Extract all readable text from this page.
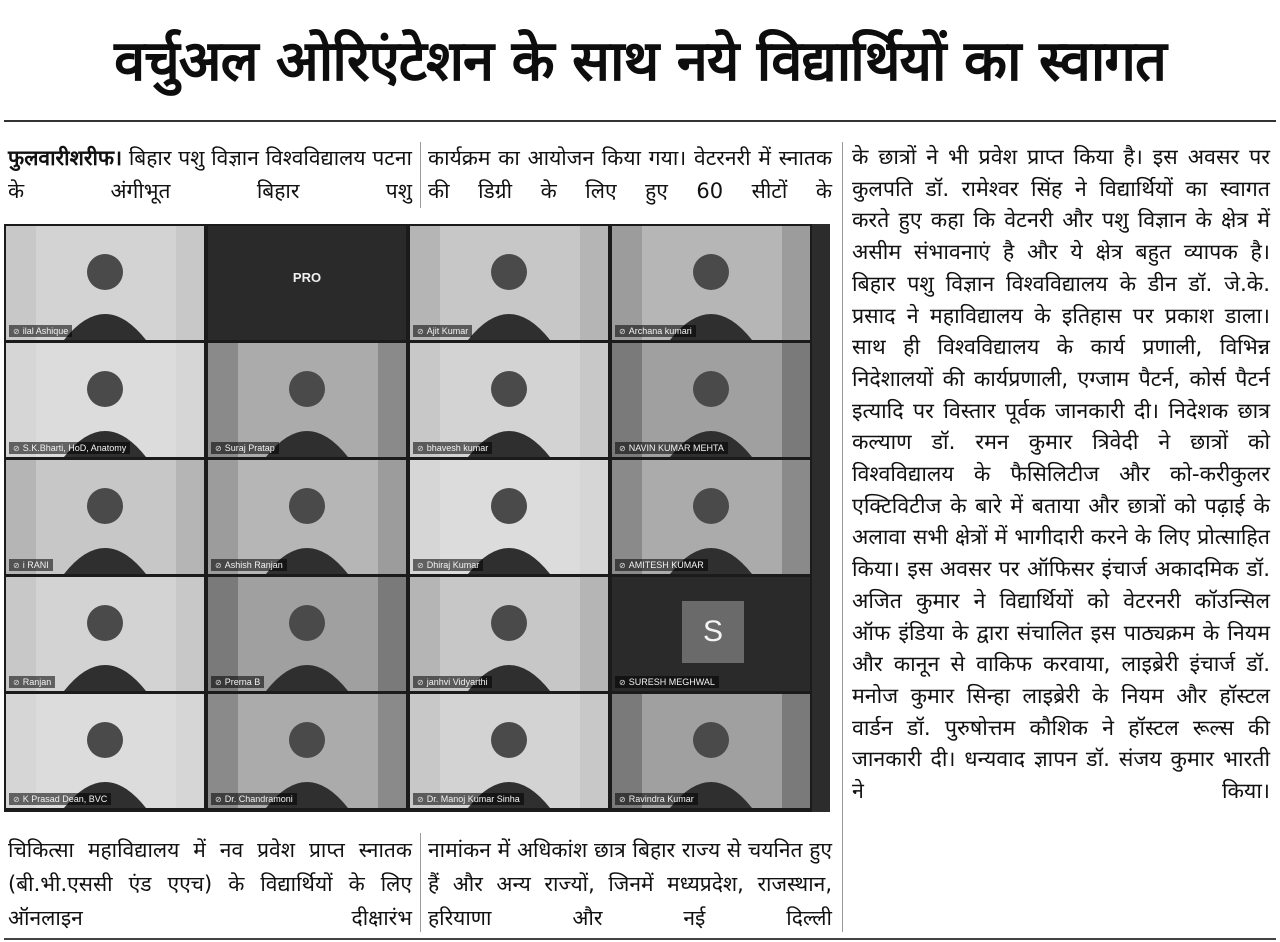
वर्चुअल ओरिएंटेशन के साथ नये विद्यार्थियों का स्वागत

फुलवारीशरीफ। बिहार पशु विज्ञान विश्वविद्यालय पटना के अंगीभूत बिहार पशु

कार्यक्रम का आयोजन किया गया। वेटरनरी में स्नातक की डिग्री के लिए हुए 60 सीटों के

के छात्रों ने भी प्रवेश प्राप्त किया है। इस अवसर पर कुलपति डॉ. रामेश्वर सिंह ने विद्यार्थियों का स्वागत करते हुए कहा कि वेटनरी और पशु विज्ञान के क्षेत्र में असीम संभावनाएं है और ये क्षेत्र बहुत व्यापक है। बिहार पशु विज्ञान विश्वविद्यालय के डीन डॉ. जे.के. प्रसाद ने महाविद्यालय के इतिहास पर प्रकाश डाला। साथ ही विश्वविद्यालय के कार्य प्रणाली, विभिन्न निदेशालयों की कार्यप्रणाली, एग्जाम पैटर्न, कोर्स पैटर्न इत्यादि पर विस्तार पूर्वक जानकारी दी। निदेशक छात्र कल्याण डॉ. रमन कुमार त्रिवेदी ने छात्रों को विश्वविद्यालय के फैसिलिटीज और को-करीकुलर एक्टिविटीज के बारे में बताया और छात्रों को पढ़ाई के अलावा सभी क्षेत्रों में भागीदारी करने के लिए प्रोत्साहित किया। इस अवसर पर ऑफिसर इंचार्ज अकादमिक डॉ. अजित कुमार ने विद्यार्थियों को वेटरनरी कॉउन्सिल ऑफ इंडिया के द्वारा संचालित इस पाठ्यक्रम के नियम और कानून से वाकिफ करवाया, लाइब्रेरी इंचार्ज डॉ. मनोज कुमार सिन्हा लाइब्रेरी के नियम और हॉस्टल वार्डन डॉ. पुरुषोत्तम कौशिक ने हॉस्टल रूल्स की जानकारी दी। धन्यवाद ज्ञापन डॉ. संजय कुमार भारती ने किया।

⊘ ilal Ashique
PRO
⊘ Ajit Kumar	⊘ Archana kumari
⊘ S.K.Bharti, HoD, Anatomy	⊘ Suraj Pratap	⊘ bhavesh kumar	⊘ NAVIN KUMAR MEHTA
⊘ i RANI	⊘ Ashish Ranjan	⊘ Dhiraj Kumar	⊘ AMITESH KUMAR
⊘ Ranjan	⊘ Prerna B	⊘ janhvi Vidyarthi
S
⊘ SURESH MEGHWAL
⊘ K Prasad Dean, BVC	⊘ Dr. Chandramoni	⊘ Dr. Manoj Kumar Sinha	⊘ Ravindra Kumar

चिकित्सा महाविद्यालय में नव प्रवेश प्राप्त स्नातक (बी.भी.एससी एंड एएच) के विद्यार्थियों के लिए ऑनलाइन दीक्षारंभ

नामांकन में अधिकांश छात्र बिहार राज्य से चयनित हुए हैं और अन्य राज्यों, जिनमें मध्यप्रदेश, राजस्थान, हरियाणा और नई दिल्ली
